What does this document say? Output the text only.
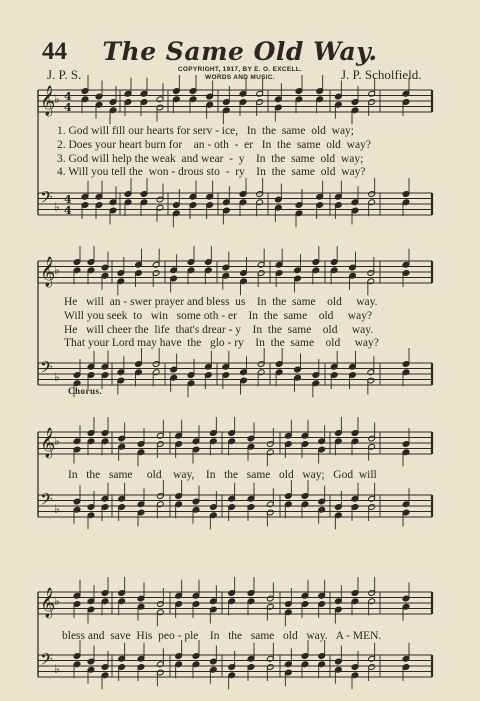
44	The Same Old Way.
J. P. S.	COPYRIGHT, 1917, BY E. O. EXCELL.
WORDS AND MUSIC.	J. P. Scholfield.
𝄞
♭ 4
4
𝄢 ♭
4
4
𝄞
♭
𝄢 ♭
𝄞
♭
𝄢 ♭
𝄞
♭
𝄢 ♭
1. God will fill our hearts for serv - ice,   In  the  same  old  way;
2. Does your heart burn for    an - oth  -  er   In  the  same  old  way?
3. God will help the weak  and wear  -  y    In  the  same  old  way;
4. Will you tell the  won - drous sto  -  ry    In  the  same  old  way?
He   will  an - swer prayer and bless  us    In  the  same    old     way.
Will you seek  to   win   some oth - er    In  the  same    old     way?
He   will cheer the  life  that's drear - y    In  the  same    old     way.
That your Lord may have  the   glo - ry    In  the  same    old     way?
Chorus.
In   the   same     old    way,    In   the   same   old   way;   God  will
bless and  save  His  peo - ple    In   the   same   old   way.   A - MEN.
